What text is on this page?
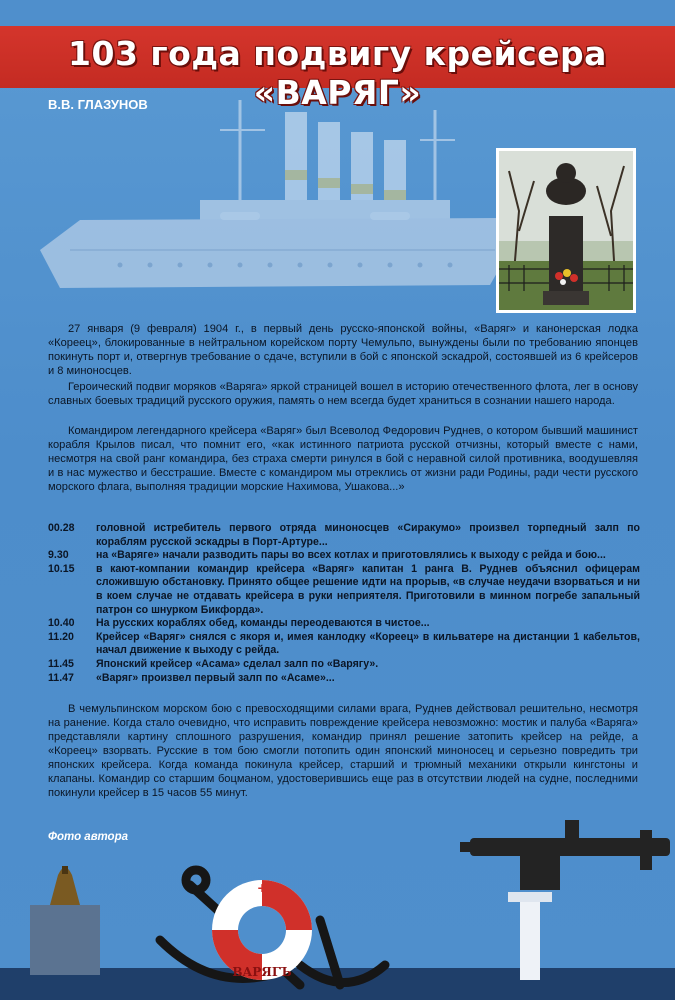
103 года подвигу крейсера «ВАРЯГ»
В.В. ГЛАЗУНОВ

27 января (9 февраля) 1904 г., в первый день русско-японской войны, «Варяг» и канонерская лодка «Кореец», блокированные в нейтральном корейском порту Чемульпо, вынуждены были по требованию японцев покинуть порт и, отвергнув требование о сдаче, вступили в бой с японской эскадрой, состоявшей из 6 крейсеров и 8 миноносцев.

Героический подвиг моряков «Варяга» яркой страницей вошел в историю отечественного флота, лег в основу славных боевых традиций русского оружия, память о нем всегда будет храниться в сознании нашего народа.

Командиром легендарного крейсера «Варяг» был Всеволод Федорович Руднев, о котором бывший машинист корабля Крылов писал, что помнит его, «как истинного патриота русской отчизны, который вместе с нами, несмотря на свой ранг командира, без страха смерти ринулся в бой с неравной силой противника, воодушевляя и в нас мужество и бесстрашие. Вместе с командиром мы отреклись от жизни ради Родины, ради чести русского морского флага, выполняя традиции морские Нахимова, Ушакова...»

00.28	головной истребитель первого отряда миноносцев «Сиракумо» произвел торпедный залп по кораблям русской эскадры в Порт-Артуре...
9.30	на «Варяге» начали разводить пары во всех котлах и приготовлялись к выходу с рейда и бою...
10.15	в кают-компании командир крейсера «Варяг» капитан 1 ранга В. Руднев объяснил офицерам сложившую обстановку. Принято общее решение идти на прорыв, «в случае неудачи взорваться и ни в коем случае не отдавать крейсера в руки неприятеля. Приготовили в минном погребе запальный патрон со шнурком Бикфорда».
10.40	На русских кораблях обед, команды переодеваются в чистое...
11.20	Крейсер «Варяг» снялся с якоря и, имея канлодку «Кореец» в кильватере на дистанции 1 кабельтов, начал движение к выходу с рейда.
11.45	Японский крейсер «Асама» сделал залп по «Варягу».
11.47	«Варяг» произвел первый залп по «Асаме»...

В чемульпинском морском бою с превосходящими силами врага, Руднев действовал решительно, несмотря на ранение. Когда стало очевидно, что исправить повреждение крейсера невозможно: мостик и палуба «Варяга» представляли картину сплошного разрушения, командир принял решение затопить крейсер на рейде, а «Кореец» взорвать. Русские в том бою смогли потопить один японский миноносец и серьезно повредить три японских крейсера. Когда команда покинула крейсер, старший и трюмный механики открыли кингстоны и клапаны. Командир со старшим боцманом, удостоверившись еще раз в отсутствии людей на судне, последними покинули крейсер в 15 часов 55 минут.

Фото автора
+
ВАРЯГЪ
